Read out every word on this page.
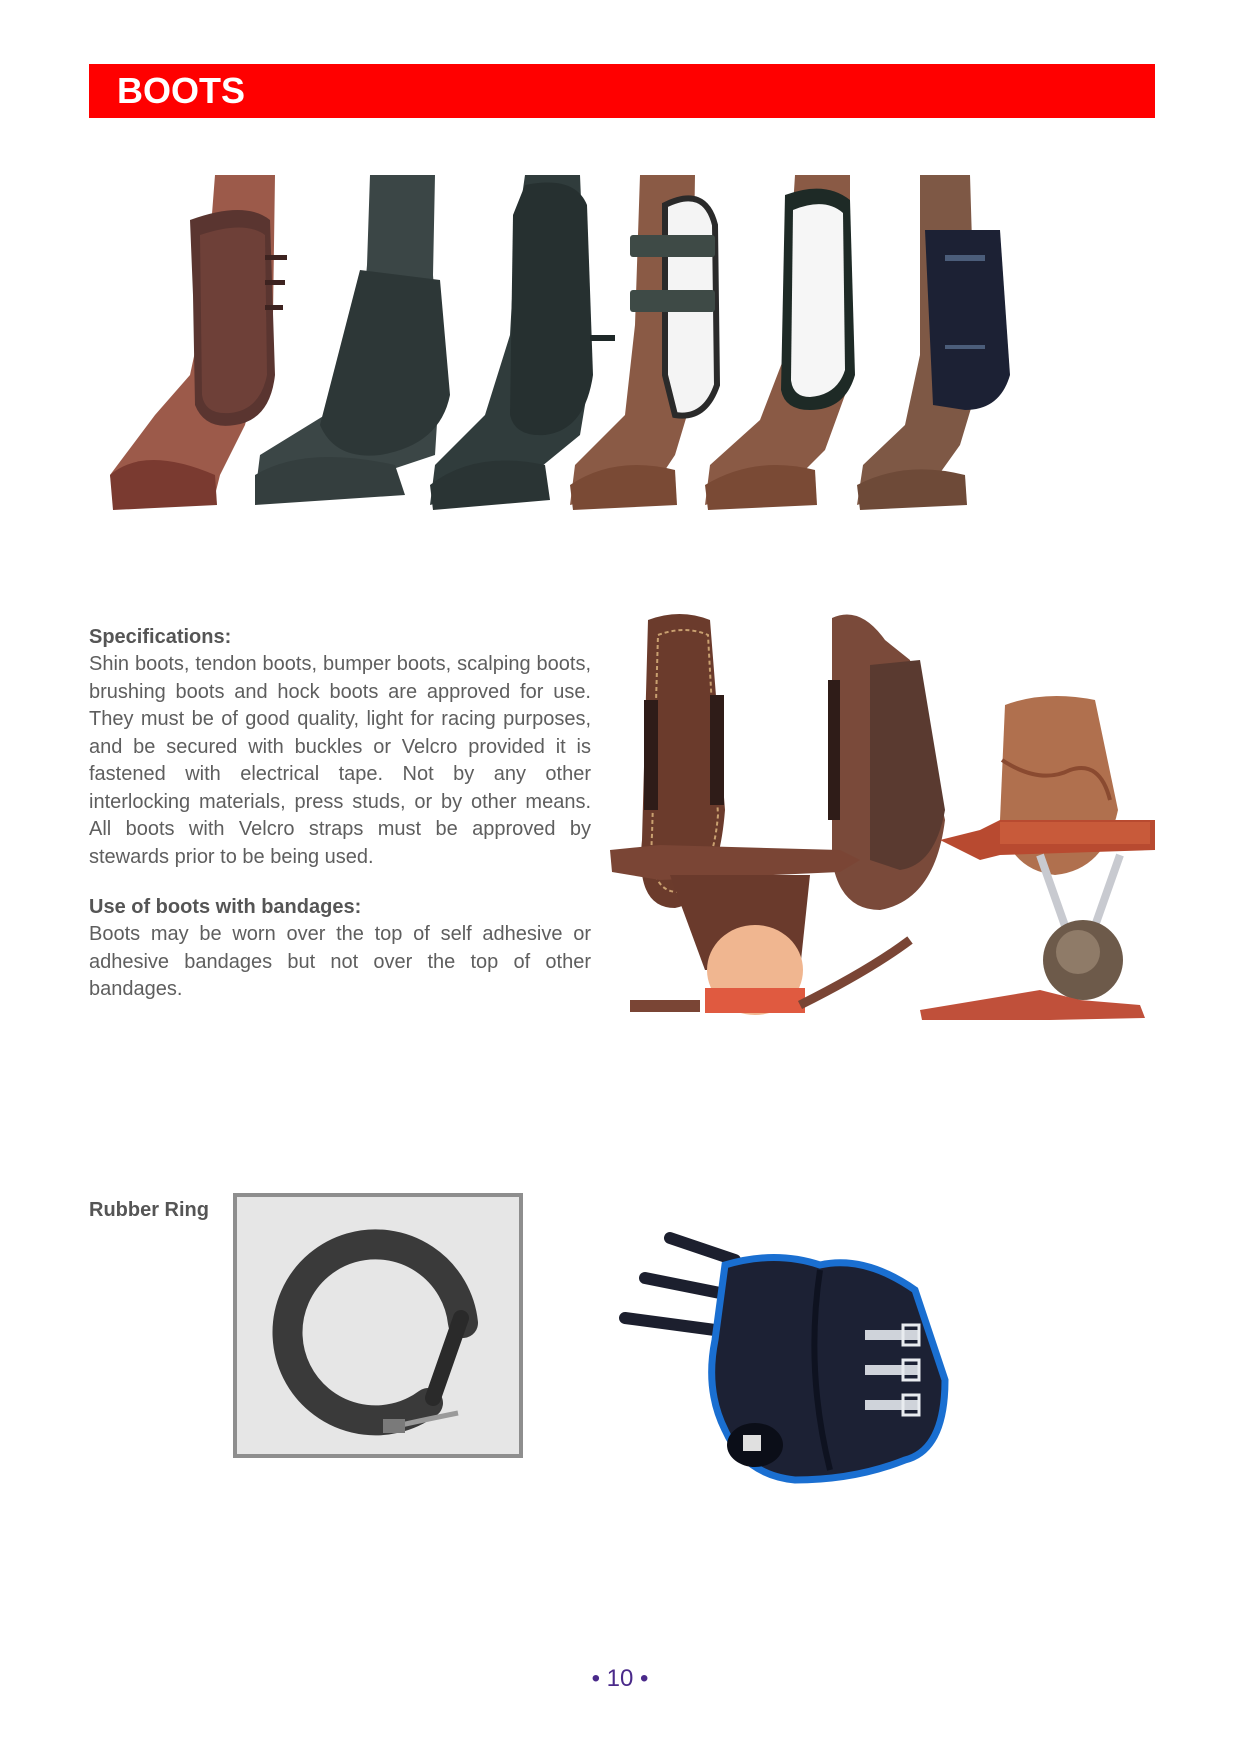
BOOTS
Specifications:

Shin boots, tendon boots, bumper boots, scalping boots, brushing boots and hock boots are approved for use. They must be of good quality, light for racing purposes, and be secured with buckles or Velcro provided it is fastened with electrical tape. Not by any other interlocking materials, press studs, or by other means. All boots with Velcro straps must be approved by stewards prior to be being used.

Use of boots with bandages:

Boots may be worn over the top of self adhesive or adhesive bandages but not over the top of other bandages.

Rubber Ring

• 10 •
